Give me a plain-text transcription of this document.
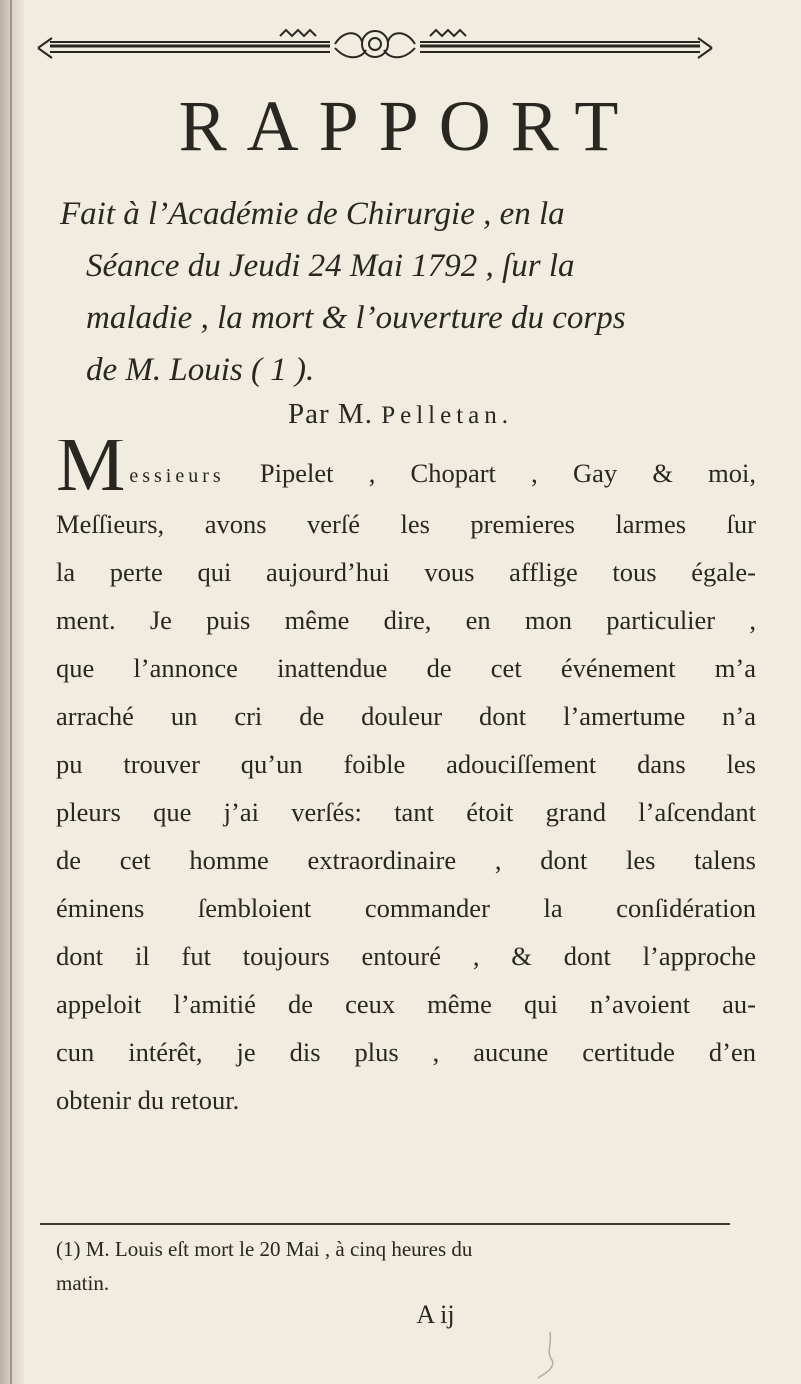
RAPPORT
Fait à l’Académie de Chirurgie , en la
Séance du Jeudi 24 Mai 1792 , ſur la
maladie , la mort & l’ouverture du corps
de M. Louis ( 1 ).
Par M. Pelletan.
Messieurs Pipelet , Chopart , Gay & moi,
Meſſieurs, avons verſé les premieres larmes ſur
la perte qui aujourd’hui vous afflige tous égale-
ment. Je puis même dire, en mon particulier ,
que l’annonce inattendue de cet événement m’a
arraché un cri de douleur dont l’amertume n’a
pu trouver qu’un foible adouciſſement dans les
pleurs que j’ai verſés: tant étoit grand l’aſcendant
de cet homme extraordinaire , dont les talens
éminens ſembloient commander la conſidération
dont il fut toujours entouré , & dont l’approche
appeloit l’amitié de ceux même qui n’avoient au-
cun intérêt, je dis plus , aucune certitude d’en
obtenir du retour.
(1) M. Louis eſt mort le 20 Mai , à cinq heures du
matin.
A ij
